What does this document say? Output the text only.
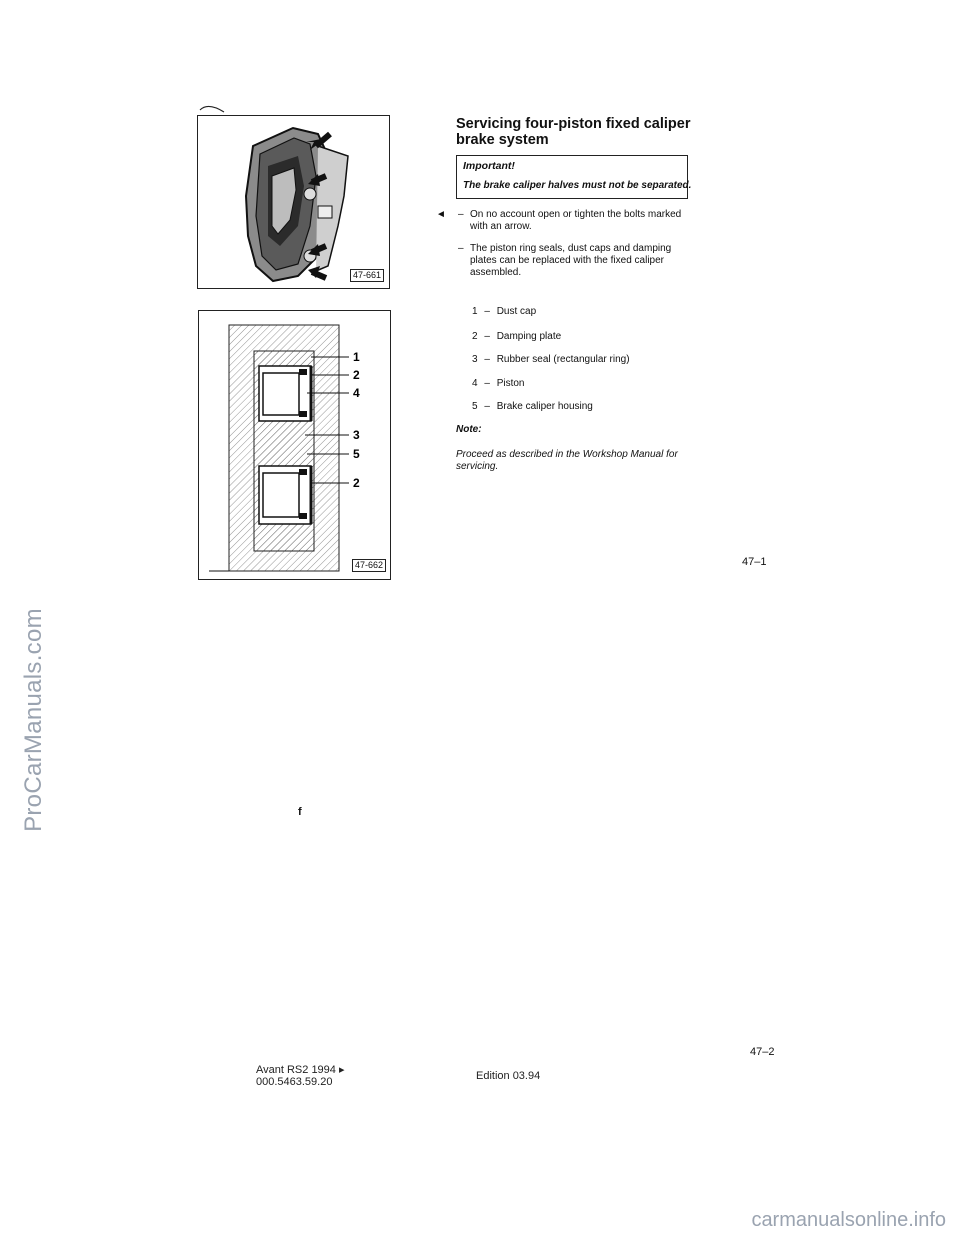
ProCarManuals.com
carmanualsonline.info
47-661
1
2
4
3
5
2
47-662
Servicing four-piston fixed caliper brake system
Important!
The brake caliper halves must not be separated.
◄ – On no account open or tighten the bolts marked with an arrow.
– The piston ring seals, dust caps and damping plates can be replaced with the fixed caliper assembled.
1 – Dust cap
2 – Damping plate
3 – Rubber seal (rectangular ring)
4 – Piston
5 – Brake caliper housing
Note:
Proceed as described in the Workshop Manual for servicing.
47–1
47–2
f
Avant RS2 1994 ▸
000.5463.59.20	Edition 03.94
